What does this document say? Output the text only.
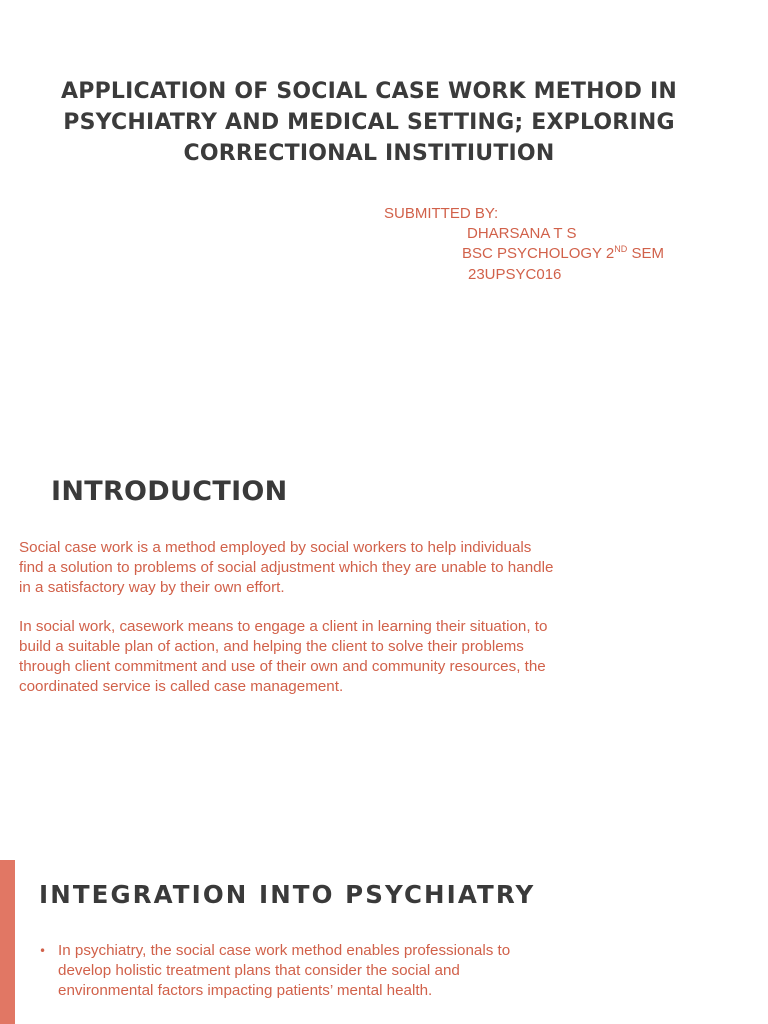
APPLICATION OF SOCIAL CASE WORK METHOD IN PSYCHIATRY AND MEDICAL SETTING; EXPLORING CORRECTIONAL INSTITIUTION
SUBMITTED BY:
DHARSANA T S
BSC PSYCHOLOGY 2ND SEM
23UPSYC016
INTRODUCTION

Social case work is a method employed by social workers to help individuals find a solution to problems of social adjustment which they are unable to handle in a satisfactory way by their own effort.

In social work, casework means to engage a client in learning their situation, to build a suitable plan of action, and helping the client to solve their problems through client commitment and use of their own and community resources, the coordinated service is called case management.

INTEGRATION INTO PSYCHIATRY
• In psychiatry, the social case work method enables professionals to develop holistic treatment plans that consider the social and environmental factors impacting patients’ mental health.
